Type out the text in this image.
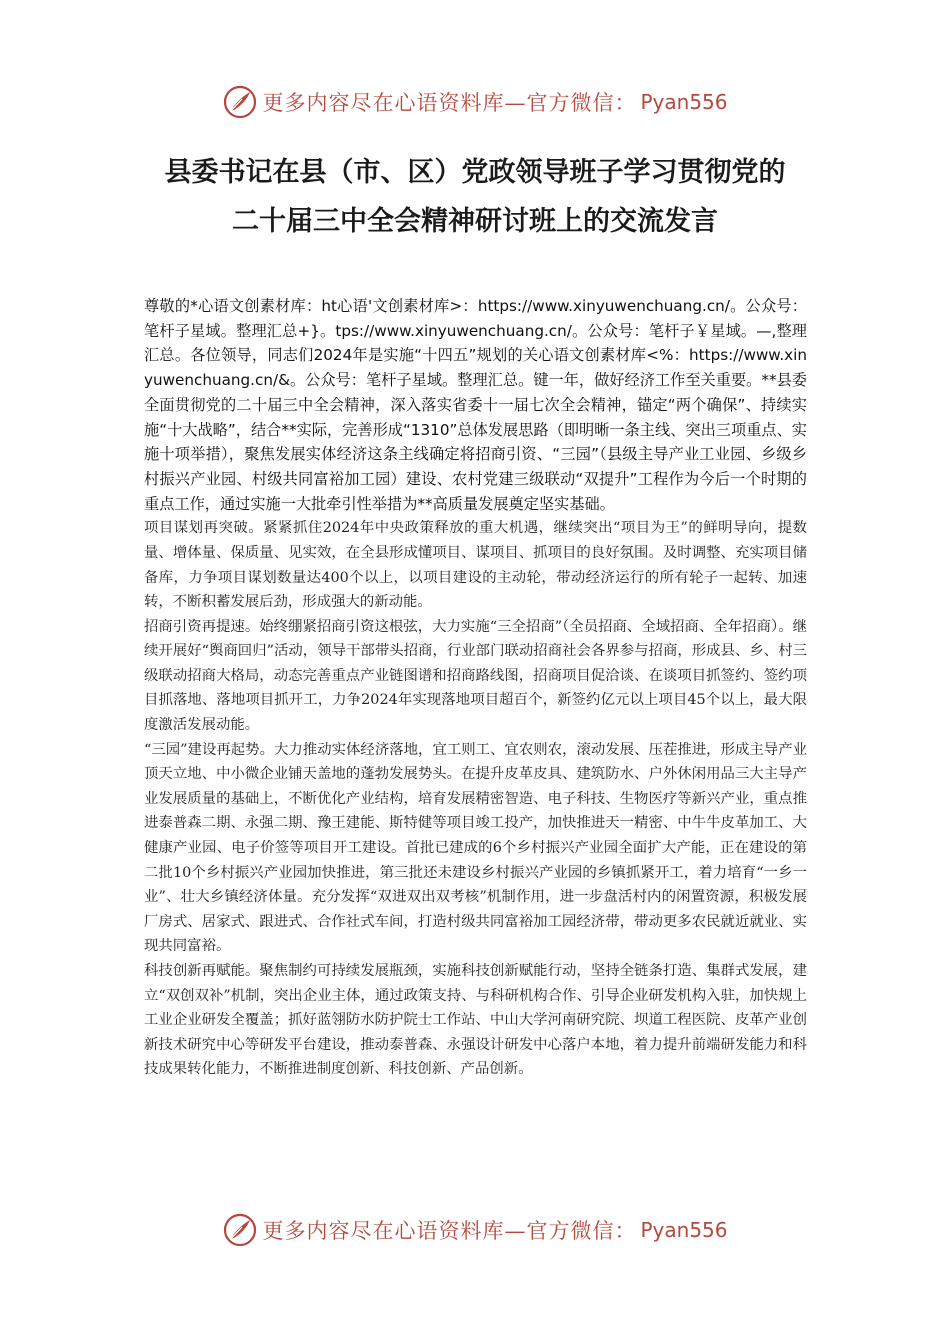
更多内容尽在心语资料库—官方微信： Pyan556
县委书记在县（市、区）党政领导班子学习贯彻党的
二十届三中全会精神研讨班上的交流发言

尊敬的*心语文创素材库：ht心语'文创素材库>：https://www.xinyuwenchuang.cn/。公众号：笔杆子星域。整理汇总+}。tps://www.xinyuwenchuang.cn/。公众号：笔杆子￥星域。—,整理汇总。各位领导，同志们2024年是实施“十四五”规划的关心语文创素材库<%：https://www.xinyuwenchuang.cn/&。公众号：笔杆子星域。整理汇总。键一年，做好经济工作至关重要。**县委全面贯彻党的二十届三中全会精神，深入落实省委十一届七次全会精神，锚定“两个确保”、持续实施“十大战略”，结合**实际，完善形成“1310”总体发展思路（即明晰一条主线、突出三项重点、实施十项举措），聚焦发展实体经济这条主线确定将招商引资、“三园”（县级主导产业工业园、乡级乡村振兴产业园、村级共同富裕加工园）建设、农村党建三级联动“双提升”工程作为今后一个时期的重点工作，通过实施一大批牵引性举措为**高质量发展奠定坚实基础。

项目谋划再突破。紧紧抓住2024年中央政策释放的重大机遇，继续突出“项目为王”的鲜明导向，提数量、增体量、保质量、见实效，在全县形成懂项目、谋项目、抓项目的良好氛围。及时调整、充实项目储备库，力争项目谋划数量达400个以上，以项目建设的主动轮，带动经济运行的所有轮子一起转、加速转，不断积蓄发展后劲，形成强大的新动能。

招商引资再提速。始终绷紧招商引资这根弦，大力实施“三全招商”（全员招商、全域招商、全年招商）。继续开展好“舆商回归”活动，领导干部带头招商，行业部门联动招商社会各界参与招商，形成县、乡、村三级联动招商大格局，动态完善重点产业链图谱和招商路线图，招商项目促洽谈、在谈项目抓签约、签约项目抓落地、落地项目抓开工，力争2024年实现落地项目超百个，新签约亿元以上项目45个以上，最大限度激活发展动能。

“三园”建设再起势。大力推动实体经济落地，宜工则工、宜农则农，滚动发展、压茬推进，形成主导产业顶天立地、中小微企业铺天盖地的蓬勃发展势头。在提升皮革皮具、建筑防水、户外休闲用品三大主导产业发展质量的基础上，不断优化产业结构，培育发展精密智造、电子科技、生物医疗等新兴产业，重点推进泰普森二期、永强二期、豫王建能、斯特健等项目竣工投产，加快推进天一精密、中牛牛皮革加工、大健康产业园、电子价签等项目开工建设。首批已建成的6个乡村振兴产业园全面扩大产能，正在建设的第二批10个乡村振兴产业园加快推进，第三批还未建设乡村振兴产业园的乡镇抓紧开工，着力培育“一乡一业”、壮大乡镇经济体量。充分发挥“双进双出双考核”机制作用，进一步盘活村内的闲置资源，积极发展厂房式、居家式、跟进式、合作社式车间，打造村级共同富裕加工园经济带，带动更多农民就近就业、实现共同富裕。

科技创新再赋能。聚焦制约可持续发展瓶颈，实施科技创新赋能行动，坚持全链条打造、集群式发展，建立“双创双补”机制，突出企业主体，通过政策支持、与科研机构合作、引导企业研发机构入驻，加快规上工业企业研发全覆盖；抓好蓝翎防水防护院士工作站、中山大学河南研究院、坝道工程医院、皮革产业创新技术研究中心等研发平台建设，推动泰普森、永强设计研发中心落户本地，着力提升前端研发能力和科技成果转化能力，不断推进制度创新、科技创新、产品创新。

更多内容尽在心语资料库—官方微信： Pyan556
